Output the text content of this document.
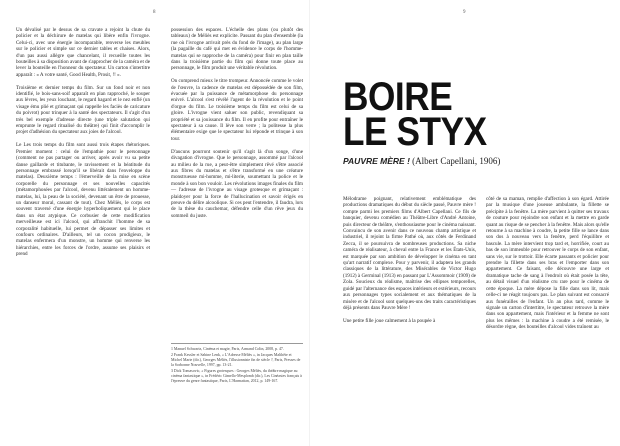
8	9

Un dévalisé par le dessus de sa cravate a rejoint la chute du policier et la déchirure de matelas qui libère enfin l'ivrogne. Celui-ci, avec une énergie incomparable, renverse les meubles sur le policier et simple sur ce dernier tables et chaises. Alors, d'un pas aussi allègre que chancelant, il recueille toutes les bouteilles à sa disposition avant de s'approcher de la caméra et de lever la bouteille en l'honneur du spectateur. Un carton s'intertitre apparaît : « A votre santé, Good Health, Prosit, !! ».

Troisième et dernier temps du film. Sur un fond noir et non identifié, le bois-sans-soif apparaît en plan rapproché, le souper aux lèvres, les yeux louchant, le regard hagard et le nez enflé (un visage ému plié et grimaçant qui rappelle les faciès de caricature du poivrot) pour trinquer à la santé des spectateurs. Il s'agit d'un très bel exemple d'adresse directe (une triple salutation qui emprunte le regard ritualisé du théâtre) qui finit d'accomplir le projet d'adhésion du spectateur aux joies de l'alcool.

Le Les trois temps du film sont aussi trois étapes rhétoriques. Premier moment : celui de l'empathie pour le personnage (comment ne pas partager ou arriver, après avoir vu sa petite danse gaillarde et titubante, le ravissement et la béatitude du personnage embrassé lorsqu'il se libérait dans l'enveloppe du matelas). Deuxième temps : l'émerveille de la mise en scène corporelle du personnage et ses nouvelles capacités (métamorphosées par l'alcool, devenu littéralement un homme-matelas, lui, la peau de la société, devenant un être de prouesse, un danseur moral, cassant de tout). Chez Méliès, le corps est souvent traversé d'une énergie hyperboliquement qui le place dans un état atypique. Ce corbusier de cette modification merveilleuse est ici l'alcool, qui affranchit l'homme de sa corporalité habituelle, lui permet de dépasser ses limites et confours ordinaires. D'ailleurs, tel un cocon prodigieux, le matelas enfermera d'un monstre, un homme qui renverse les hiérarchies, entre les forces de l'ordre, assume ses plaisirs et prend

possession des espaces. L'échelle des plans (ou plutôt des tableaux) de Méliès est explicite. Passant du plan d'ensemble (la rue où l'ivrogne arrivait près du fond de l'image), au plan large (la pagaille du café qui met en évidence le corps de l'homme-matelas qui se rapproche de la caméra) pour finir en plan taille dans la troisième partie du film qui donne toute place au personnage, le film produit une véritable révolution.

On comprend mieux le titre trompeur. Annoncée comme le volet de l'œuvre, la cadence de matelas est dépossédée de son film, évacuée par la puissance de métamorphose du personnage enivré. L'alcool s'est révélé l'agent de la révolution et le point d'orgue du film. Le troisième temps du film est celui de sa gloire. L'ivrogne vient saluer son public, revendiquant sa propriété et sa jouissance du film. Il en profite pour entraîner le spectateur à sa cause. Il lève son verre ; la politesse la plus élémentaire exige que le spectateur lui réponde et trinque à son tour.

D'aucuns pourront soutenir qu'il s'agit là d'un songe, d'une divagation d'ivrogne. Que le personnage, assommé par l'alcool au milieu de la rue, a peut-être simplement rêvé s'être associé aux fibres du matelas et s'être transformé en une créature monstrueuse mi-homme, mi-literie, soumettant la police et le monde à son bon vouloir. Les révolutions images finales du film — l'adresse de l'ivrogne au visage grotesque et grimaçant : plaidoyer pour la force de l'hallucination et savoir érigés en preuve du délire alcoolique. Si ces peut l'entendre, il faudra, lors de la thèse du cauchemar, défendre celle d'un rêve jeux du sommeil du juste.

1 Manuel Schwartz, Cinéma et magie, Paris, Armand Colin, 2008, p. 47.
2 Frank Kessler et Sabine Lenk, « L'Adresse Méliès », in Jacques Malthête et Michel Marie (dir.), Georges Méliès, l'illusionniste fin de siècle ?, Paris, Presses de la Sorbonne Nouvelle, 1997, pp. 13-21.
3 Dick Tomasovic, « Figures grotesques : Georges Méliès, du théâtre magique au cinéma fantastique », in Frédéric Gimello-Mesplomb (dir.), Les Cinéastes français à l'épreuve du genre fantastique, Paris, L'Harmattan, 2012, p. 149-167.
BOIRE
LE STYX
PAUVRE MÈRE ! (Albert Capellani, 1906)

Mélodrame poignant, relativement emblématique des productions dramatiques du début du siècle passé, Pauvre mère ! compte parmi les premiers films d'Albert Capellani. Ce fils de banquier, devenu comédien au Théâtre-Libre d'André Antoine, puis directeur de théâtre, s'enthousiasme pour le cinéma naissant. Convaincu de son avenir dans ce nouveau champ artistique et industriel, il rejoint la firme Pathé où, aux côtés de Ferdinand Zecca, il se poursuivra de nombreuses productions. Sa niche caméra de réalisateur, à cheval entre la France et les États-Unis, est marquée par son ambition de développer le cinéma en tant qu'art narratif complexe. Pour y parvenir, il adaptera les grands classiques de la littérature, des Misérables de Victor Hugo (1912) à Germinal (1913) en passant par L'Assommoir (1909) de Zola. Soucieux du réalisme, maîtrise des ellipses temporelles, guidé par l'alternance des espaces intérieurs et extérieurs, recours aux personnages types socialement et aux thématiques de la misère et de l'alcool sont quelques-uns des traits caractéristiques déjà présents dans Pauvre Mère !

Une petite fille joue calmement à la poupée à

côté de sa maman, remplie d'affection à son égard. Attirée par la musique d'une joueuse ambulante, la fillette se précipite à la fenêtre. La mère parvient à quitter ses travaux de couture pour rejoindre son enfant et la mettre en garde quant au risque de se pencher à la fenêtre. Mais alors qu'elle retourne à sa machine à coudre, la petite fille se lance dans son dos à nouveau vers la fenêtre, perd l'équilibre et bascule. La mère intervient trop tard et, horrifiée, court au bas de son immeuble pour retrouver le corps de son enfant, sans vie, sur le trottoir. Elle écarte passants et policier pour prendre la fillette dans ses bras et l'emporter dans son appartement. Ce faisant, elle découvre une large et dramatique tache de sang à l'endroit où était posée la tête, au détail visuel d'un réalisme cru rare pour le cinéma de cette époque. La mère dépose la fille dans son lit, mais celle-ci ne réagit toujours pas. Le plan suivant est consacré aux funérailles de l'enfant. Un an plus tard, comme le signale un carton d'intertitre, le spectateur retrouve la mère dans son appartement, mais l'intérieur et la femme ne sont plus les mêmes : la machine à coudre a été remisée, le désordre règne, des bouteilles d'alcool vides traînent au
